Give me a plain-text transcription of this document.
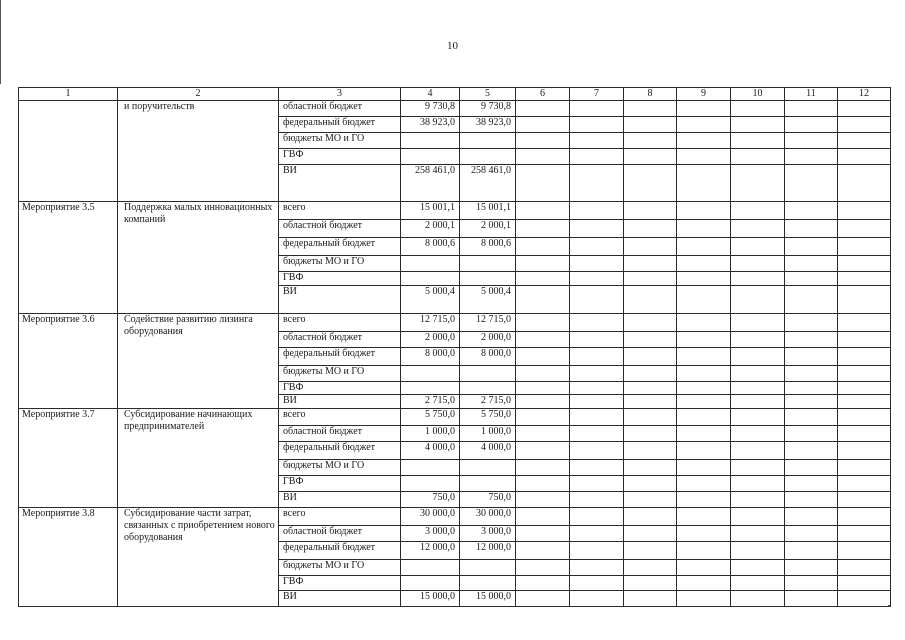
10
1	2	3	4	5	6	7	8	9	10	11	12
	и поручительств	областной бюджет	9 730,8	9 730,8							
		федеральный бюджет	38 923,0	38 923,0							
		бюджеты МО и ГО									
		ГВФ									
		ВИ	258 461,0	258 461,0							
Мероприятие 3.5	Поддержка малых инновационных компаний	всего	15 001,1	15 001,1							
		областной бюджет	2 000,1	2 000,1							
		федеральный бюджет	8 000,6	8 000,6							
		бюджеты МО и ГО									
		ГВФ									
		ВИ	5 000,4	5 000,4							
Мероприятие 3.6	Содействие развитию лизинга оборудования	всего	12 715,0	12 715,0							
		областной бюджет	2 000,0	2 000,0							
		федеральный бюджет	8 000,0	8 000,0							
		бюджеты МО и ГО									
		ГВФ									
		ВИ	2 715,0	2 715,0							
Мероприятие 3.7	Субсидирование начинающих предпринимателей	всего	5 750,0	5 750,0							
		областной бюджет	1 000,0	1 000,0							
		федеральный бюджет	4 000,0	4 000,0							
		бюджеты МО и ГО									
		ГВФ									
		ВИ	750,0	750,0							
Мероприятие 3.8	Субсидирование части затрат, связанных с приобретением нового оборудования	всего	30 000,0	30 000,0							
		областной бюджет	3 000,0	3 000,0							
		федеральный бюджет	12 000,0	12 000,0							
		бюджеты МО и ГО									
		ГВФ									
		ВИ	15 000,0	15 000,0							
